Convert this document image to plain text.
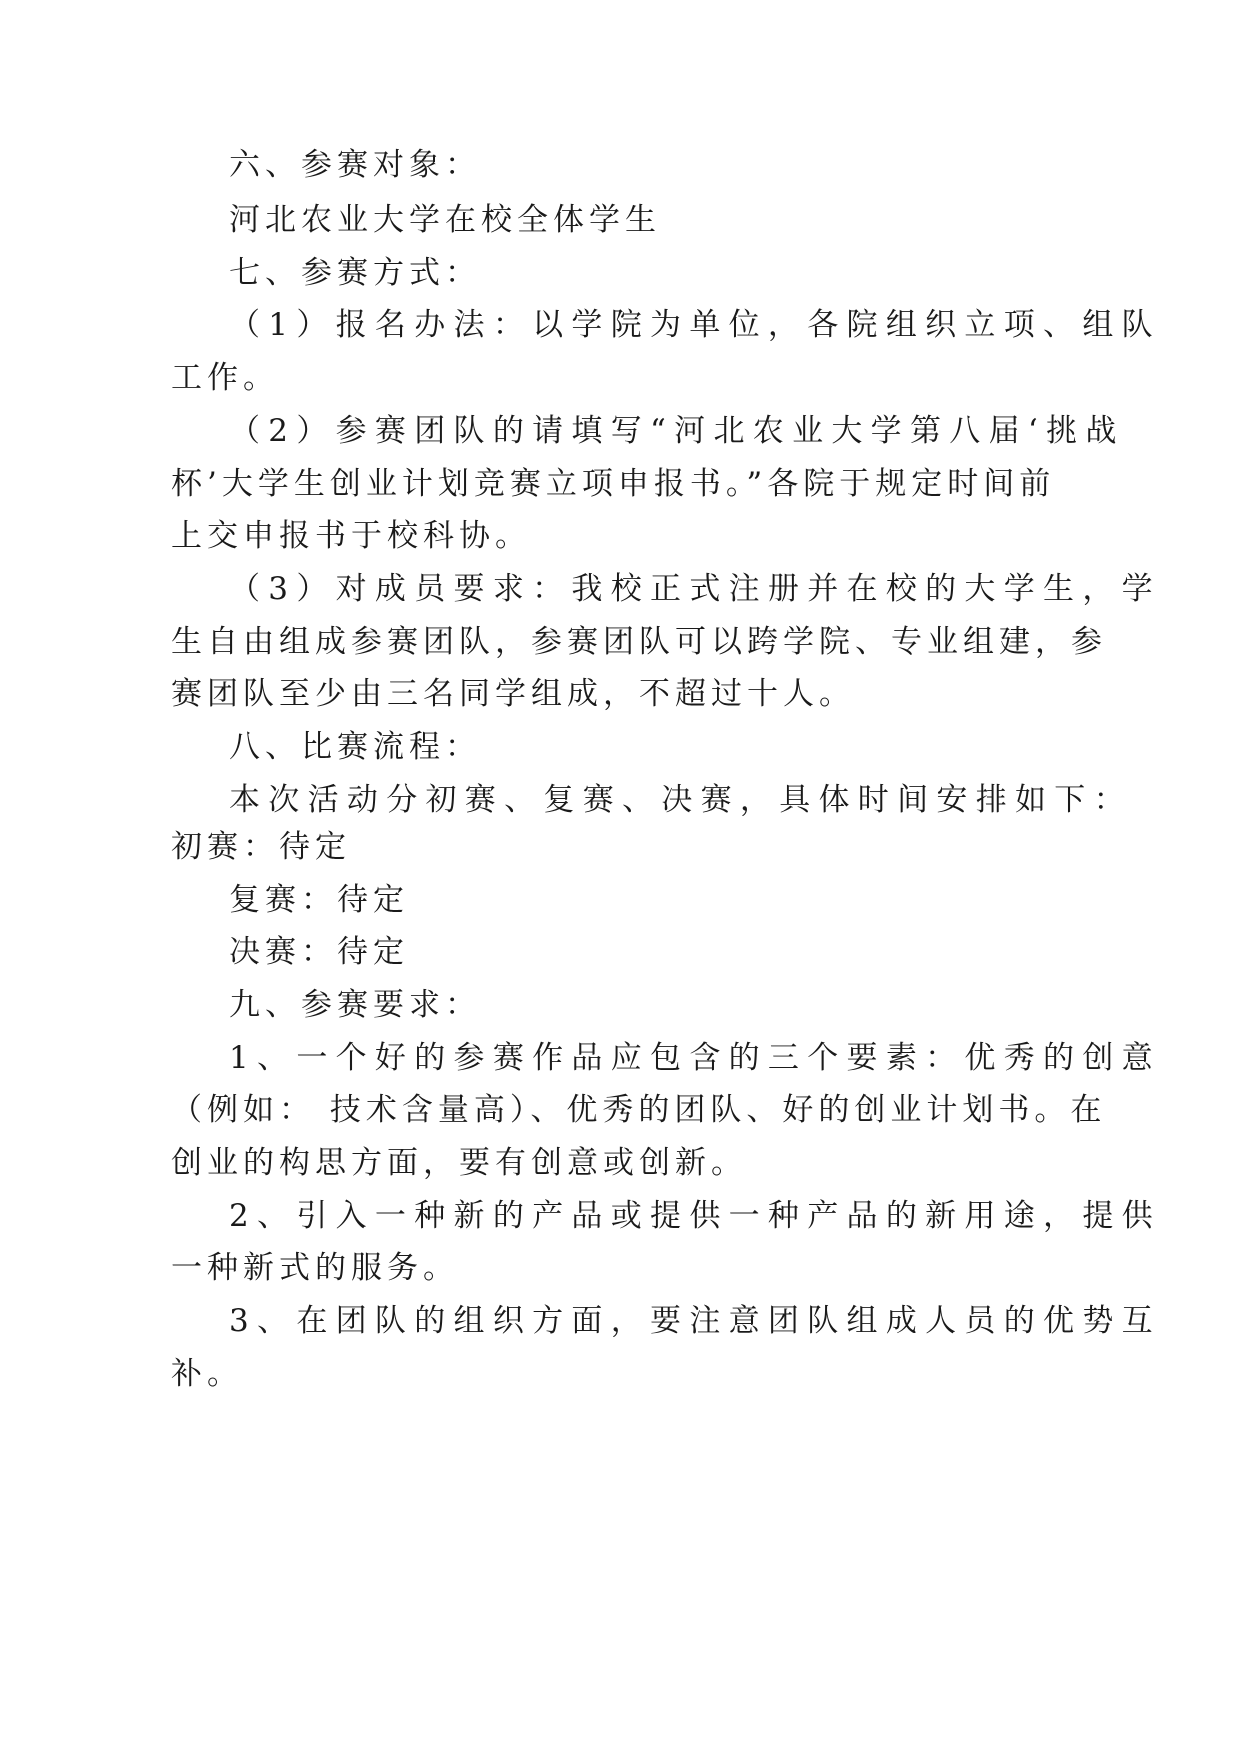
六、参赛对象：

河北农业大学在校全体学生

七、参赛方式：

（1）报名办法：以学院为单位，各院组织立项、组队

工作。

（2）参赛团队的请填写“河北农业大学第八届‘挑战

杯’大学生创业计划竞赛立项申报书。”各院于规定时间前

上交申报书于校科协。

（3）对成员要求：我校正式注册并在校的大学生，学

生自由组成参赛团队，参赛团队可以跨学院、专业组建，参

赛团队至少由三名同学组成，不超过十人。

八、比赛流程：

本次活动分初赛、复赛、决赛，具体时间安排如下：

初赛：待定

复赛：待定

决赛：待定

九、参赛要求：

1、一个好的参赛作品应包含的三个要素：优秀的创意

（例如： 技术含量高）、优秀的团队、好的创业计划书。在

创业的构思方面，要有创意或创新。

2、引入一种新的产品或提供一种产品的新用途，提供

一种新式的服务。

3、在团队的组织方面，要注意团队组成人员的优势互

补。
